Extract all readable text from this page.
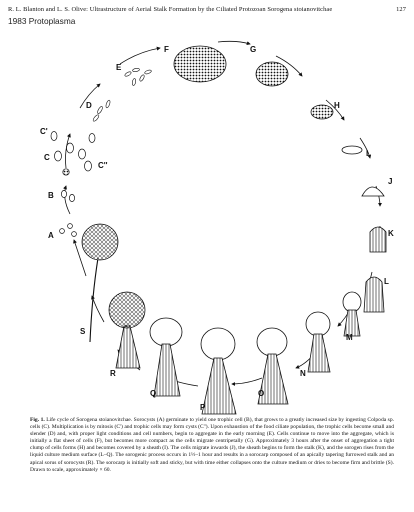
R. L. Blanton and L. S. Olive: Ultrastructure of Aerial Stalk Formation by the Ciliated Protozoan Sorogena stoianovitchae	127
1983 Protoplasma
A
B
C
C'
C''
D
E
F	G
H
I
J
K
L
M
N
O
P
Q
R
S
Fig. 1. Life cycle of Sorogena stoianovitchae. Sorocysts (A) germinate to yield one trophic cell (B), that grows to a greatly increased size by ingesting Colpoda sp. cells (C). Multiplication is by mitosis (C') and trophic cells may form cysts (C''). Upon exhaustion of the food ciliate population, the trophic cells become small and slender (D) and, with proper light conditions and cell numbers, begin to aggregate in the early morning (E). Cells continue to move into the aggregate, which is initially a flat sheet of cells (F), but becomes more compact as the cells migrate centripetally (G). Approximately 3 hours after the onset of aggregation a tight clump of cells forms (H) and becomes covered by a sheath (I). The cells migrate inwards (J), the sheath begins to form the stalk (K), and the sorogen rises from the liquid culture medium surface (L–Q). The sorogenic process occurs in 1½–1 hour and results in a sorocarp composed of an apically tapering furrowed stalk and an apical sorus of sorocysts (R). The sorocarp is initially soft and sticky, but with time either collapses onto the culture medium or dries to become firm and brittle (S). Drawn to scale, approximately × 60.
